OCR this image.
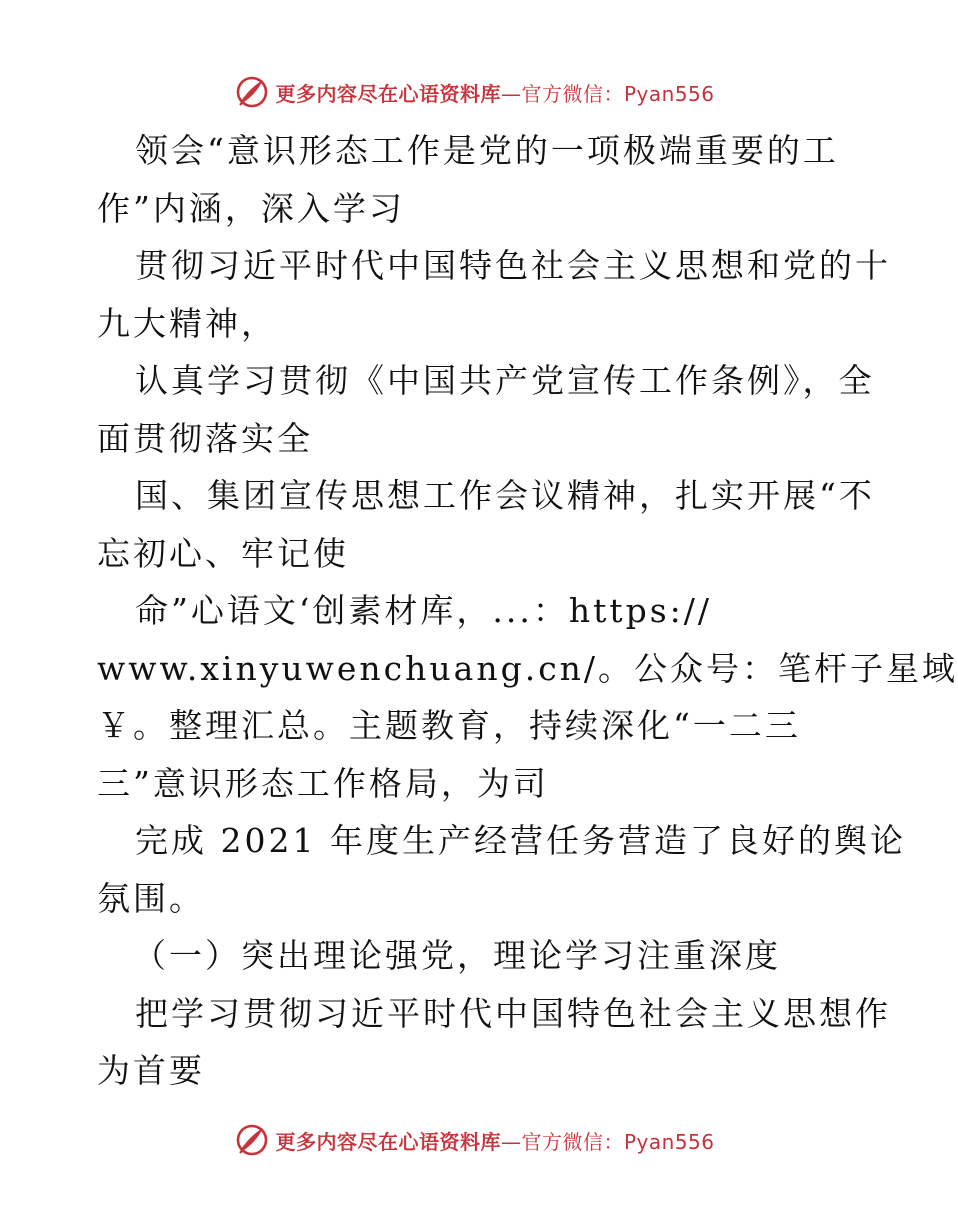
更多内容尽在心语资料库—官方微信：Pyan556
领会“意识形态工作是党的一项极端重要的工
作”内涵，深入学习
贯彻习近平时代中国特色社会主义思想和党的十
九大精神，
认真学习贯彻《中国共产党宣传工作条例》，全
面贯彻落实全
国、集团宣传思想工作会议精神，扎实开展“不
忘初心、牢记使
命”心语文‘创素材库，...：https://
www.xinyuwenchuang.cn/。公众号：笔杆子星域
￥。整理汇总。主题教育，持续深化“一二三
三”意识形态工作格局，为司
完成 2021 年度生产经营任务营造了良好的舆论
氛围。
（一）突出理论强党，理论学习注重深度
把学习贯彻习近平时代中国特色社会主义思想作
为首要
更多内容尽在心语资料库—官方微信：Pyan556
